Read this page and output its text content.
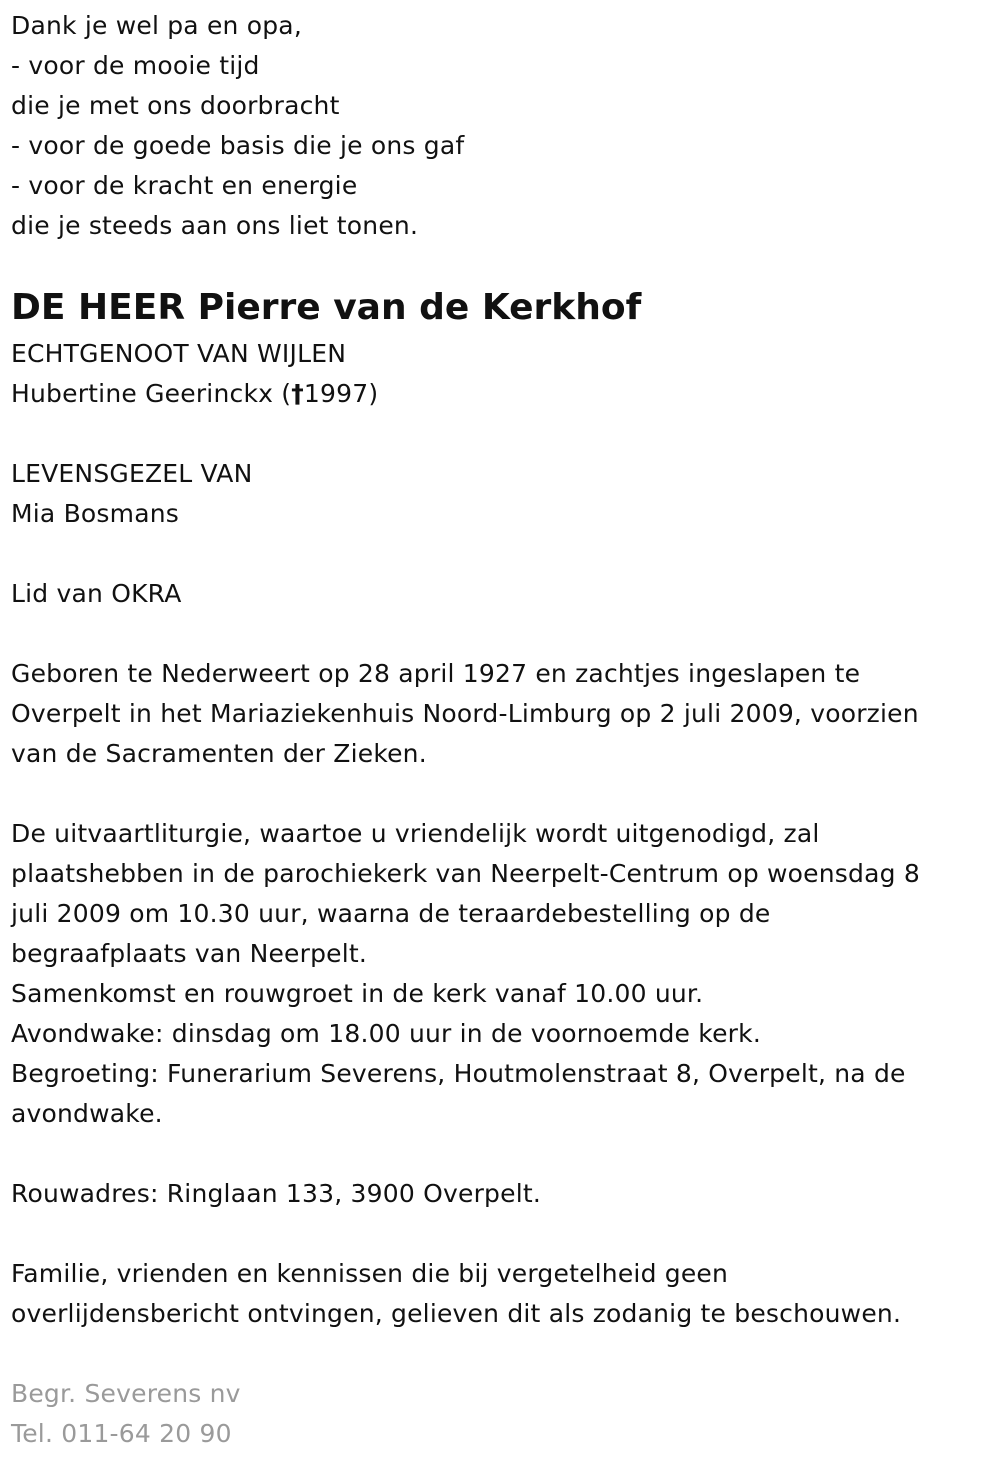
Dank je wel pa en opa,
- voor de mooie tijd
die je met ons doorbracht
- voor de goede basis die je ons gaf
- voor de kracht en energie
die je steeds aan ons liet tonen.
DE HEER Pierre van de Kerkhof
ECHTGENOOT VAN WIJLEN
Hubertine Geerinckx (†1997)
LEVENSGEZEL VAN
Mia Bosmans
Lid van OKRA
Geboren te Nederweert op 28 april 1927 en zachtjes ingeslapen te
Overpelt in het Mariaziekenhuis Noord-Limburg op 2 juli 2009, voorzien
van de Sacramenten der Zieken.
De uitvaartliturgie, waartoe u vriendelijk wordt uitgenodigd, zal
plaatshebben in de parochiekerk van Neerpelt-Centrum op woensdag 8
juli 2009 om 10.30 uur, waarna de teraardebestelling op de
begraafplaats van Neerpelt.
Samenkomst en rouwgroet in de kerk vanaf 10.00 uur.
Avondwake: dinsdag om 18.00 uur in de voornoemde kerk.
Begroeting: Funerarium Severens, Houtmolenstraat 8, Overpelt, na de
avondwake.
Rouwadres: Ringlaan 133, 3900 Overpelt.
Familie, vrienden en kennissen die bij vergetelheid geen
overlijdensbericht ontvingen, gelieven dit als zodanig te beschouwen.
Begr. Severens nv
Tel. 011-64 20 90
